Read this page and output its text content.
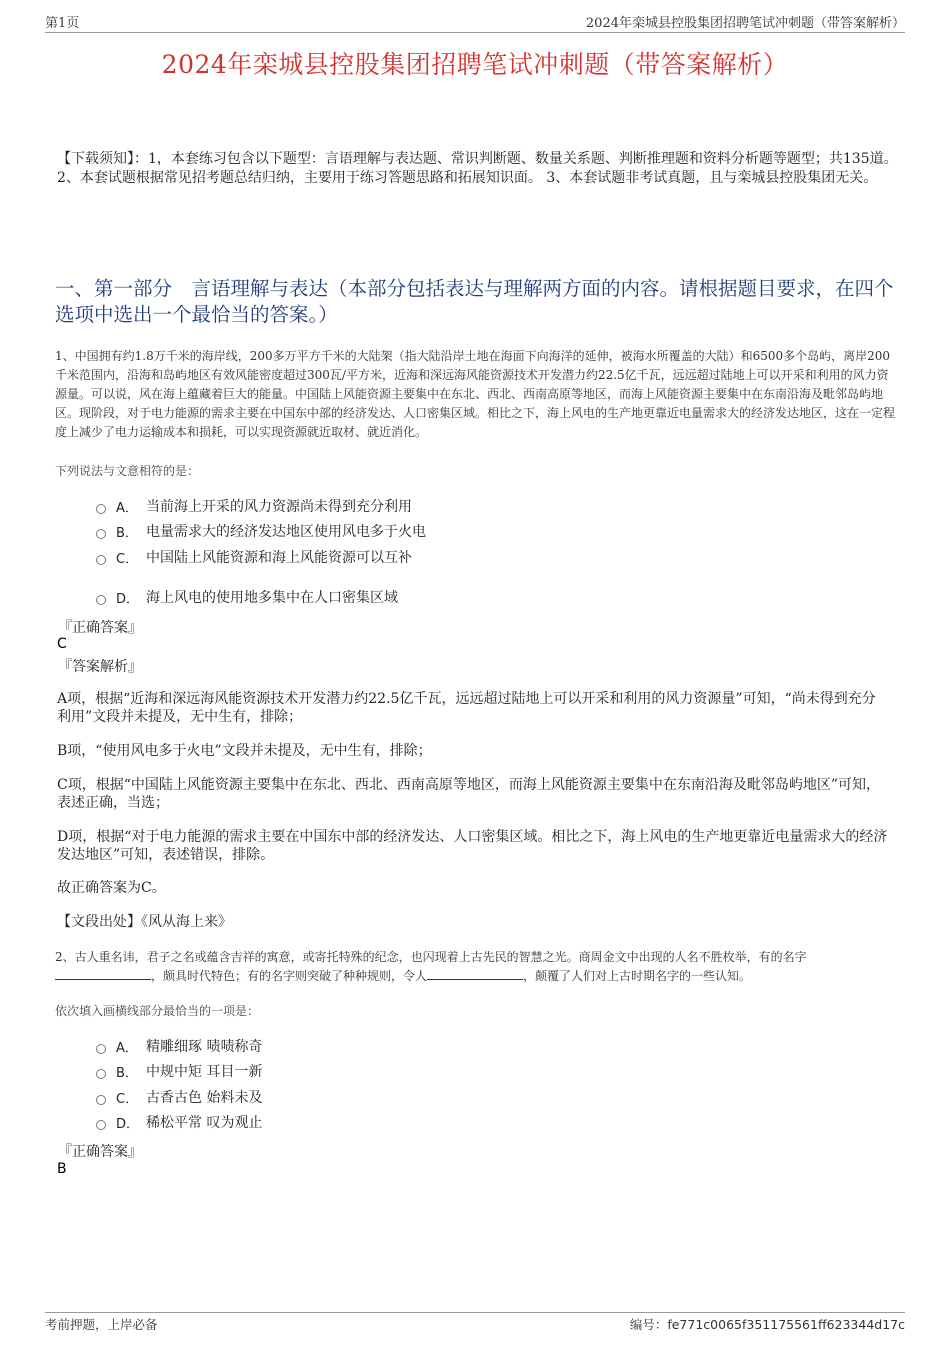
第1页	2024年栾城县控股集团招聘笔试冲刺题（带答案解析）
2024年栾城县控股集团招聘笔试冲刺题（带答案解析）
【下载须知】：1，本套练习包含以下题型：言语理解与表达题、常识判断题、数量关系题、判断推理题和资料分析题等题型；共135道。 2、本套试题根据常见招考题总结归纳，主要用于练习答题思路和拓展知识面。 3、本套试题非考试真题，且与栾城县控股集团无关。
一、第一部分　言语理解与表达（本部分包括表达与理解两方面的内容。请根据题目要求，在四个选项中选出一个最恰当的答案。）
1、中国拥有约1.8万千米的海岸线，200多万平方千米的大陆架（指大陆沿岸土地在海面下向海洋的延伸，被海水所覆盖的大陆）和6500多个岛屿，离岸200千米范围内，沿海和岛屿地区有效风能密度超过300瓦/平方米，近海和深远海风能资源技术开发潜力约22.5亿千瓦，远远超过陆地上可以开采和利用的风力资源量。可以说，风在海上蕴藏着巨大的能量。中国陆上风能资源主要集中在东北、西北、西南高原等地区，而海上风能资源主要集中在东南沿海及毗邻岛屿地区。现阶段，对于电力能源的需求主要在中国东中部的经济发达、人口密集区域。相比之下，海上风电的生产地更靠近电量需求大的经济发达地区，这在一定程度上减少了电力运输成本和损耗，可以实现资源就近取材、就近消化。
下列说法与文意相符的是：
A． 当前海上开采的风力资源尚未得到充分利用
B． 电量需求大的经济发达地区使用风电多于火电
C． 中国陆上风能资源和海上风能资源可以互补
D． 海上风电的使用地多集中在人口密集区域
『正确答案』
C
『答案解析』
A项，根据“近海和深远海风能资源技术开发潜力约22.5亿千瓦，远远超过陆地上可以开采和利用的风力资源量”可知，“尚未得到充分利用”文段并未提及，无中生有，排除；
B项，“使用风电多于火电”文段并未提及，无中生有，排除；
C项，根据“中国陆上风能资源主要集中在东北、西北、西南高原等地区，而海上风能资源主要集中在东南沿海及毗邻岛屿地区”可知，表述正确，当选；
D项，根据“对于电力能源的需求主要在中国东中部的经济发达、人口密集区域。相比之下，海上风电的生产地更靠近电量需求大的经济发达地区”可知，表述错误，排除。
故正确答案为C。
【文段出处】《风从海上来》
2、古人重名讳，君子之名或蕴含吉祥的寓意，或寄托特殊的纪念，也闪现着上古先民的智慧之光。商周金文中出现的人名不胜枚举，有的名字，颇具时代特色；有的名字则突破了种种规则，令人	，颠覆了人们对上古时期名字的一些认知。
依次填入画横线部分最恰当的一项是：
A． 精雕细琢 啧啧称奇
B． 中规中矩 耳目一新
C． 古香古色 始料未及
D． 稀松平常 叹为观止
『正确答案』
B
考前押题，上岸必备	编号：fe771c0065f351175561ff623344d17c
